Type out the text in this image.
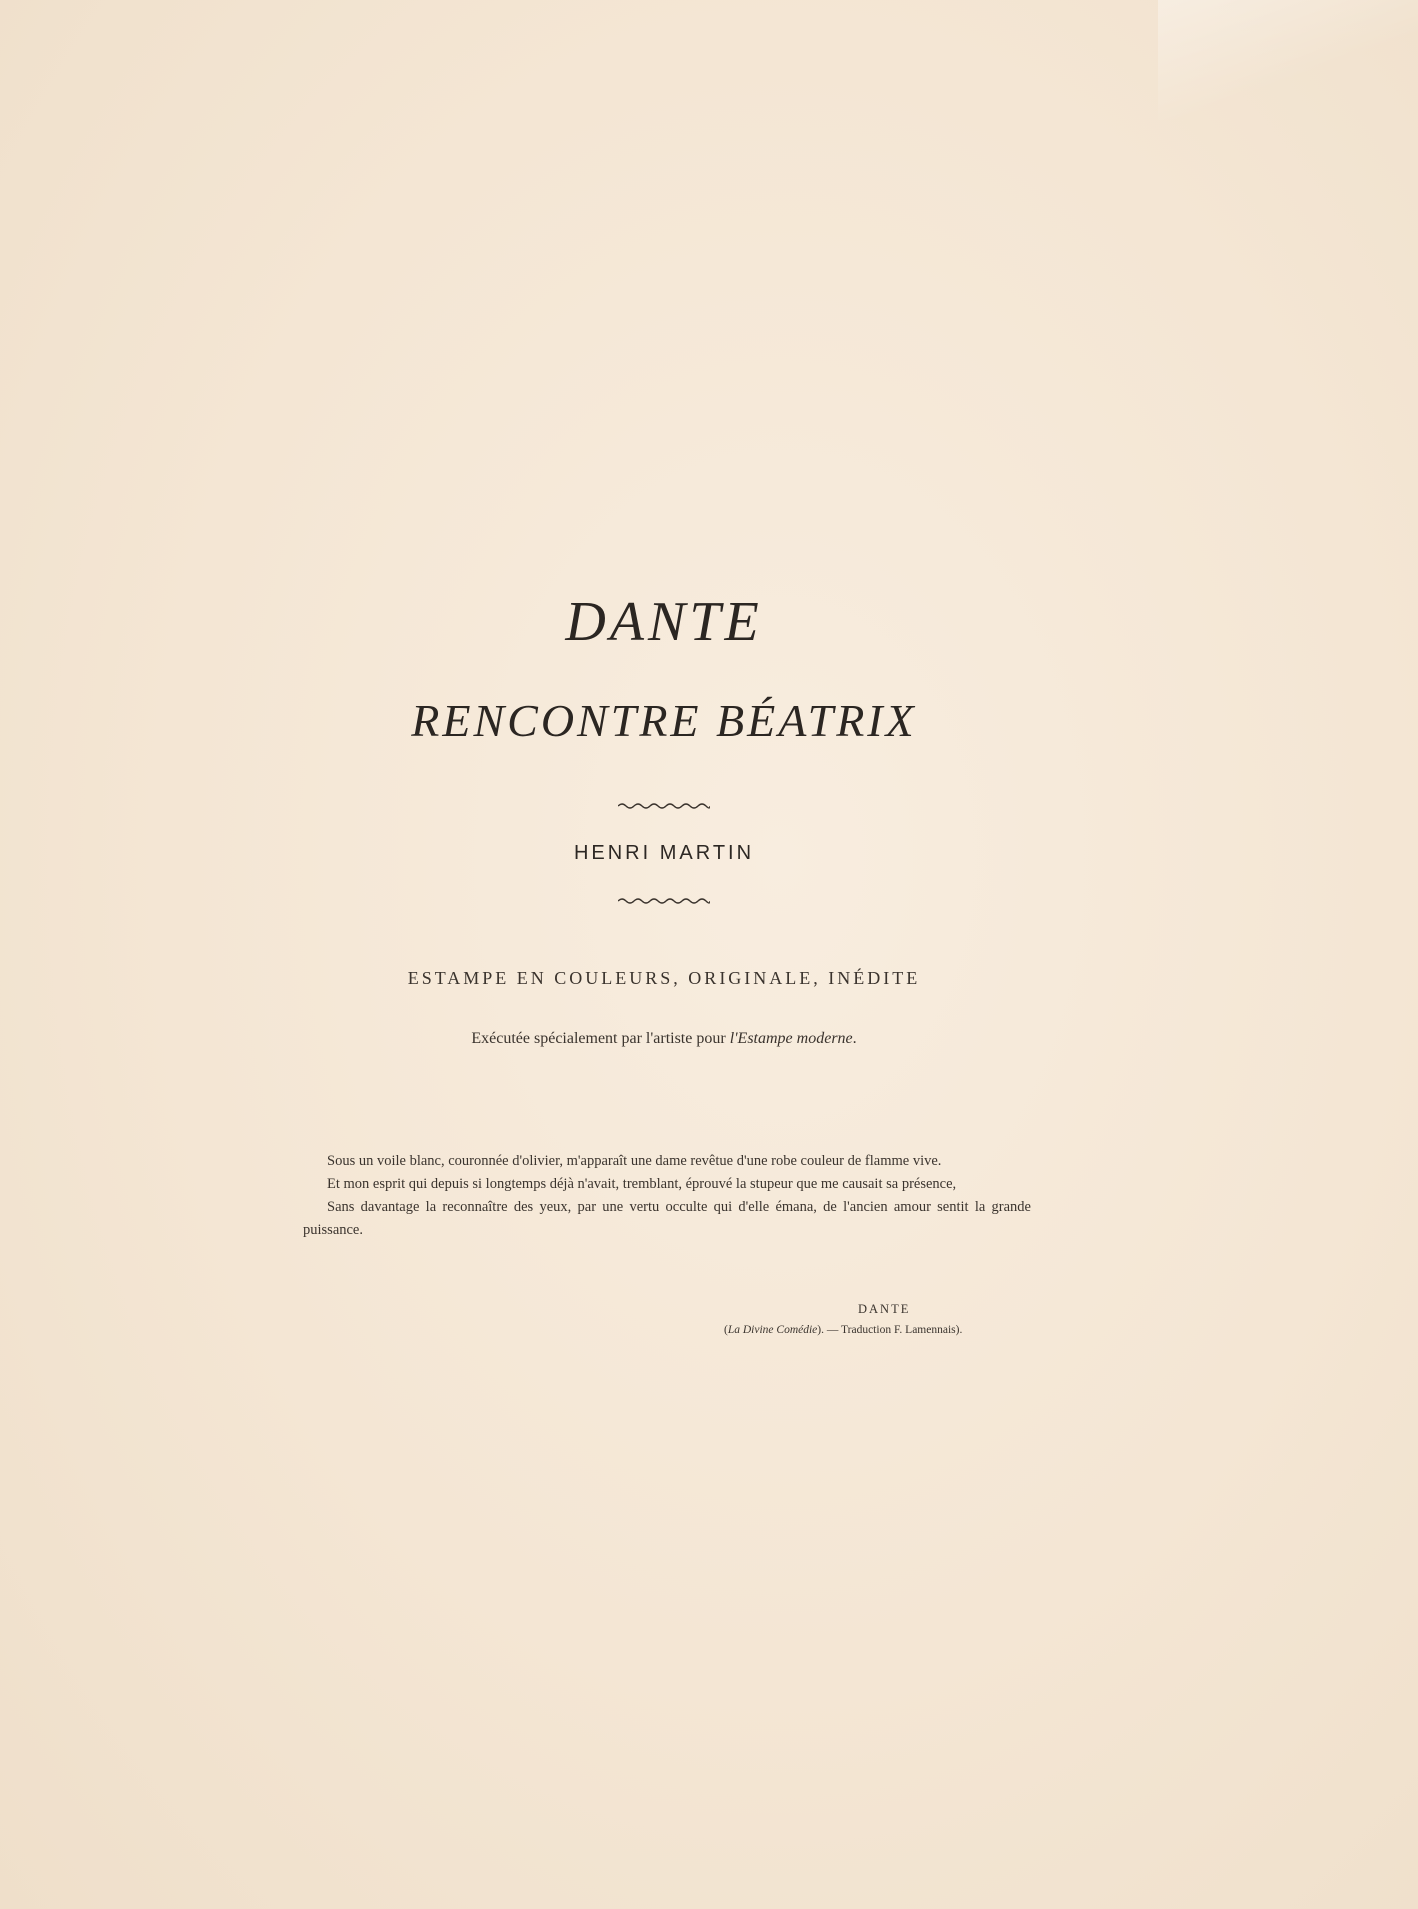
DANTE
RENCONTRE BÉATRIX
HENRI MARTIN

ESTAMPE EN COULEURS, ORIGINALE, INÉDITE

Exécutée spécialement par l'artiste pour l'Estampe moderne.

Sous un voile blanc, couronnée d'olivier, m'apparaît une dame revêtue d'une robe couleur de flamme vive.

Et mon esprit qui depuis si longtemps déjà n'avait, tremblant, éprouvé la stupeur que me causait sa présence,

Sans davantage la reconnaître des yeux, par une vertu occulte qui d'elle émana, de l'ancien amour sentit la grande puissance.

DANTE

(La Divine Comédie). — Traduction F. Lamennais).
